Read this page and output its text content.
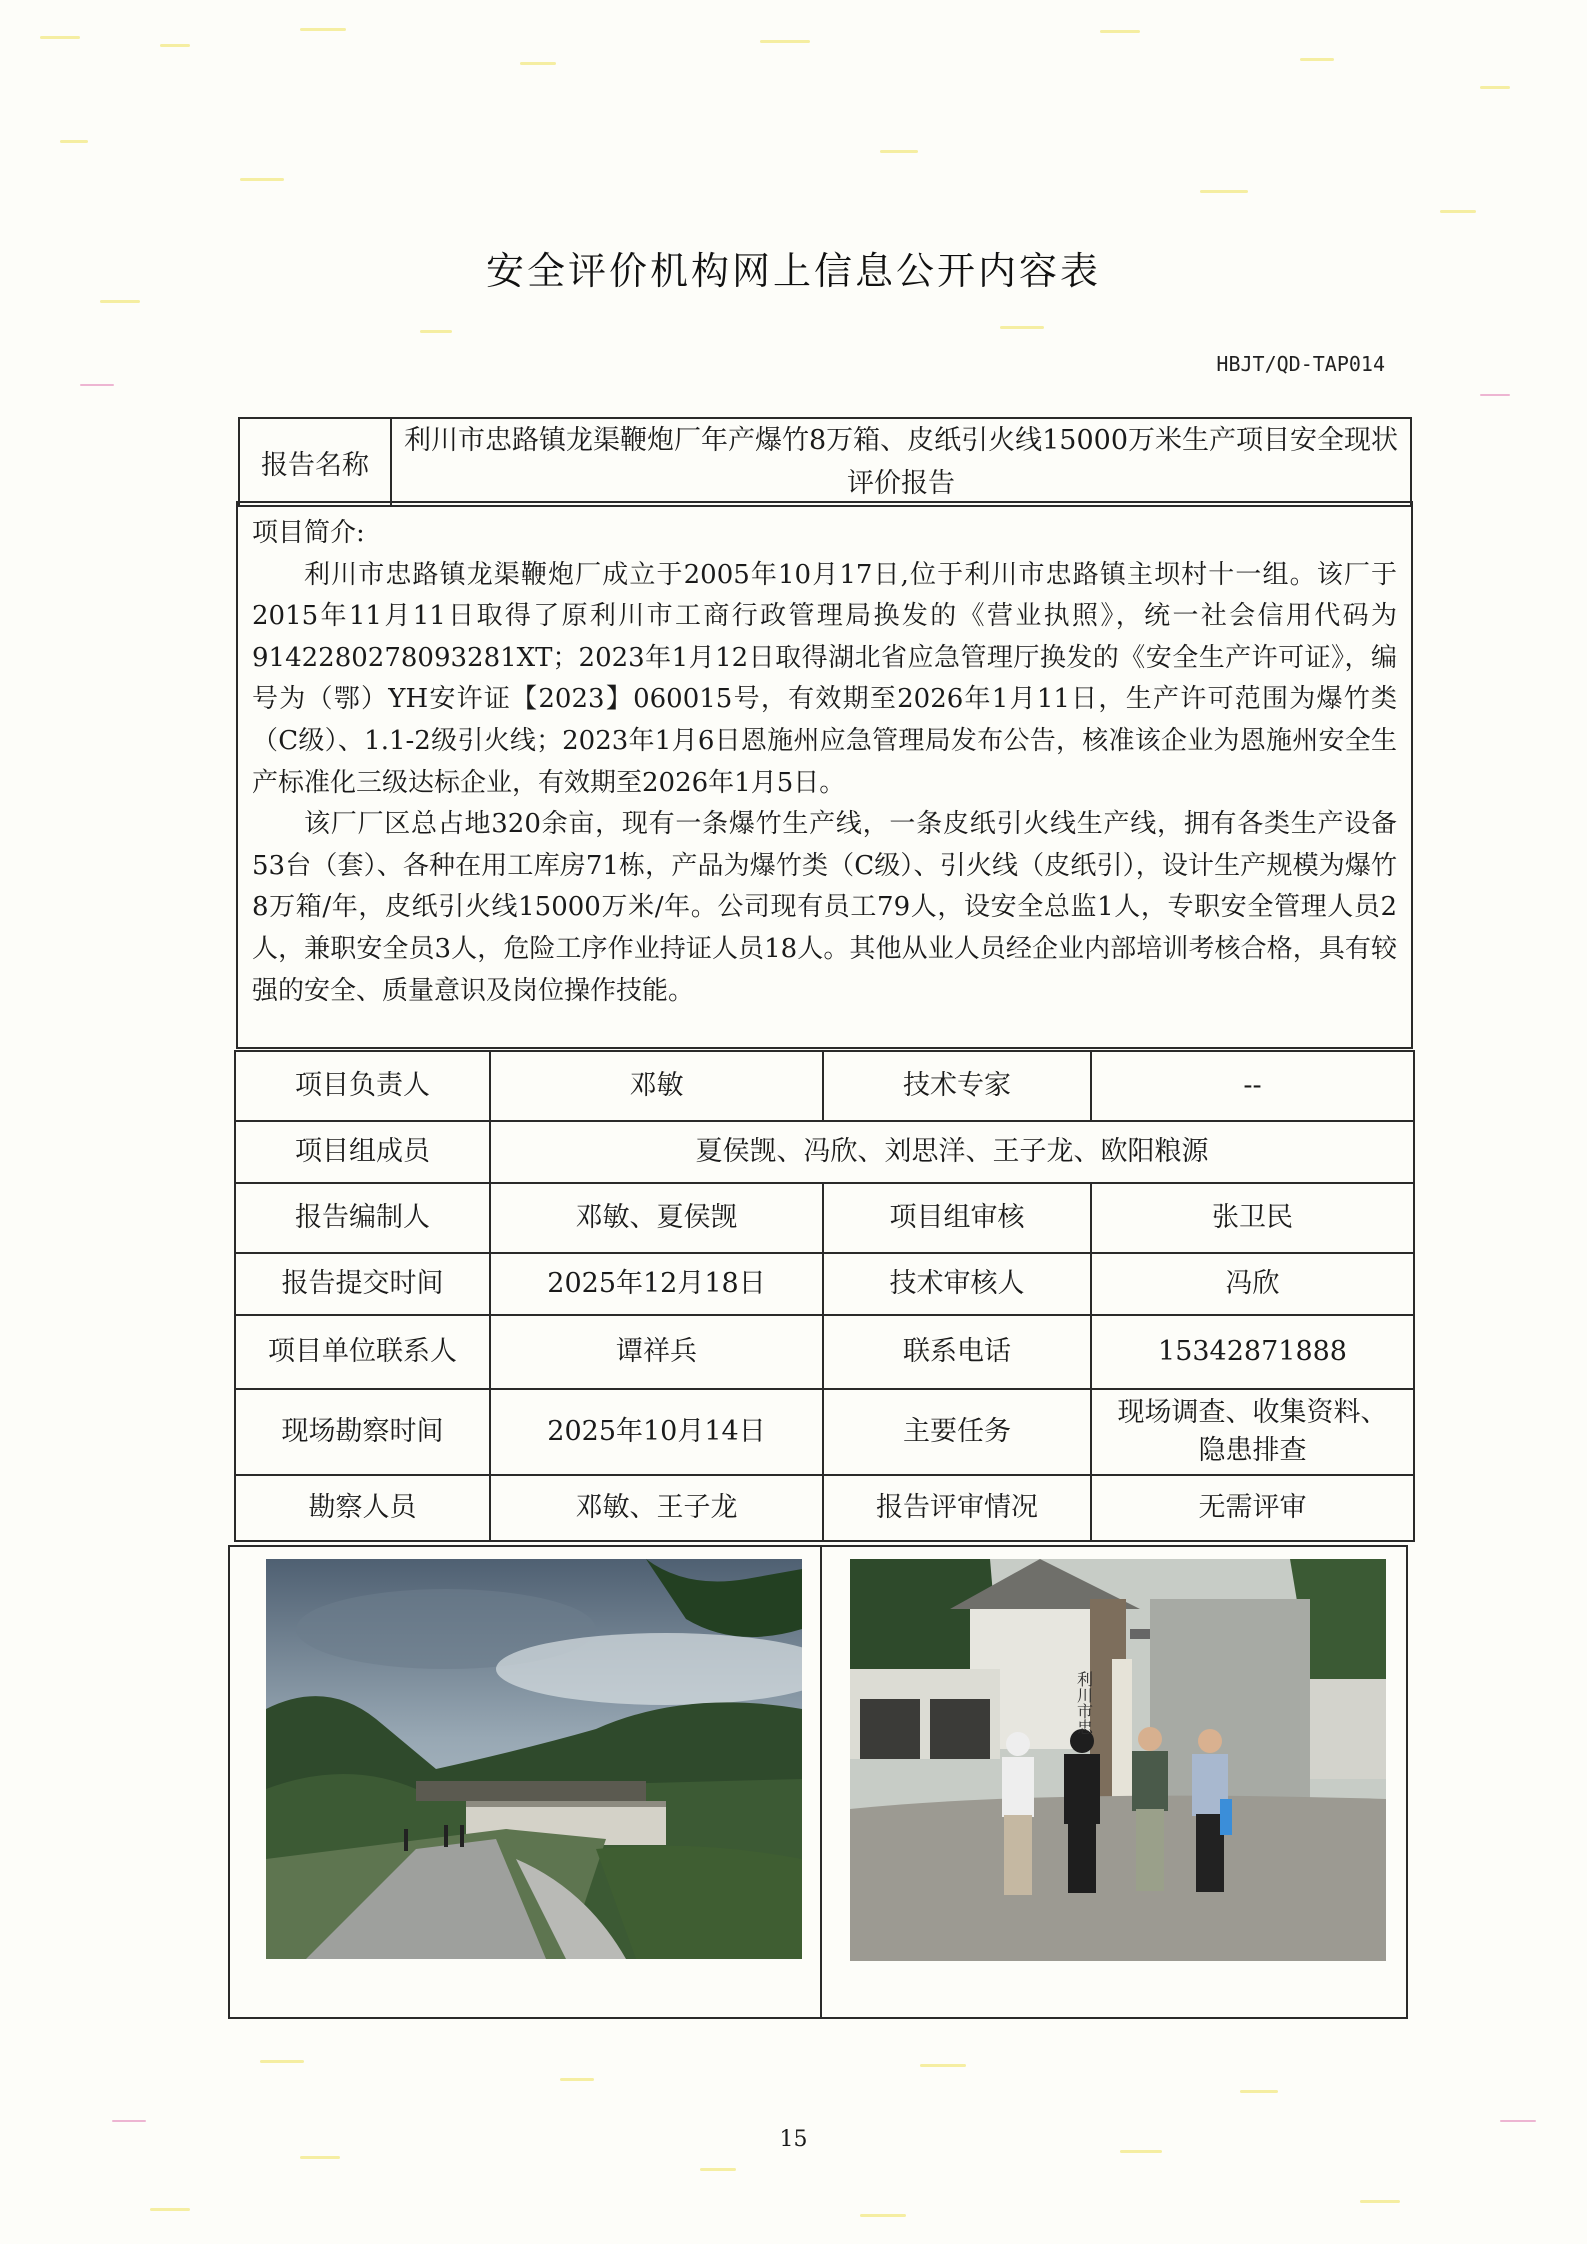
安全评价机构网上信息公开内容表
HBJT/QD-TAP014
报告名称	利川市忠路镇龙渠鞭炮厂年产爆竹8万箱、皮纸引火线15000万米生产项目安全现状评价报告

项目简介:

利川市忠路镇龙渠鞭炮厂成立于2005年10月17日,位于利川市忠路镇主坝村十一组。该厂于2015年11月11日取得了原利川市工商行政管理局换发的《营业执照》，统一社会信用代码为9142280278093281XT；2023年1月12日取得湖北省应急管理厅换发的《安全生产许可证》，编号为（鄂）YH安许证【2023】060015号，有效期至2026年1月11日，生产许可范围为爆竹类（C级）、1.1-2级引火线；2023年1月6日恩施州应急管理局发布公告，核准该企业为恩施州安全生产标准化三级达标企业，有效期至2026年1月5日。

该厂厂区总占地320余亩，现有一条爆竹生产线，一条皮纸引火线生产线，拥有各类生产设备53台（套）、各种在用工库房71栋，产品为爆竹类（C级）、引火线（皮纸引），设计生产规模为爆竹8万箱/年，皮纸引火线15000万米/年。公司现有员工79人，设安全总监1人，专职安全管理人员2人，兼职安全员3人，危险工序作业持证人员18人。其他从业人员经企业内部培训考核合格，具有较强的安全、质量意识及岗位操作技能。

项目负责人	邓敏	技术专家	--
项目组成员	夏侯觊、冯欣、刘思洋、王子龙、欧阳粮源		
报告编制人	邓敏、夏侯觊	项目组审核	张卫民
报告提交时间	2025年12月18日	技术审核人	冯欣
项目单位联系人	谭祥兵	联系电话	15342871888
现场勘察时间	2025年10月14日	主要任务	现场调查、收集资料、
隐患排查

勘察人员	邓敏、王子龙	报告评审情况	无需评审
利川市忠
15
